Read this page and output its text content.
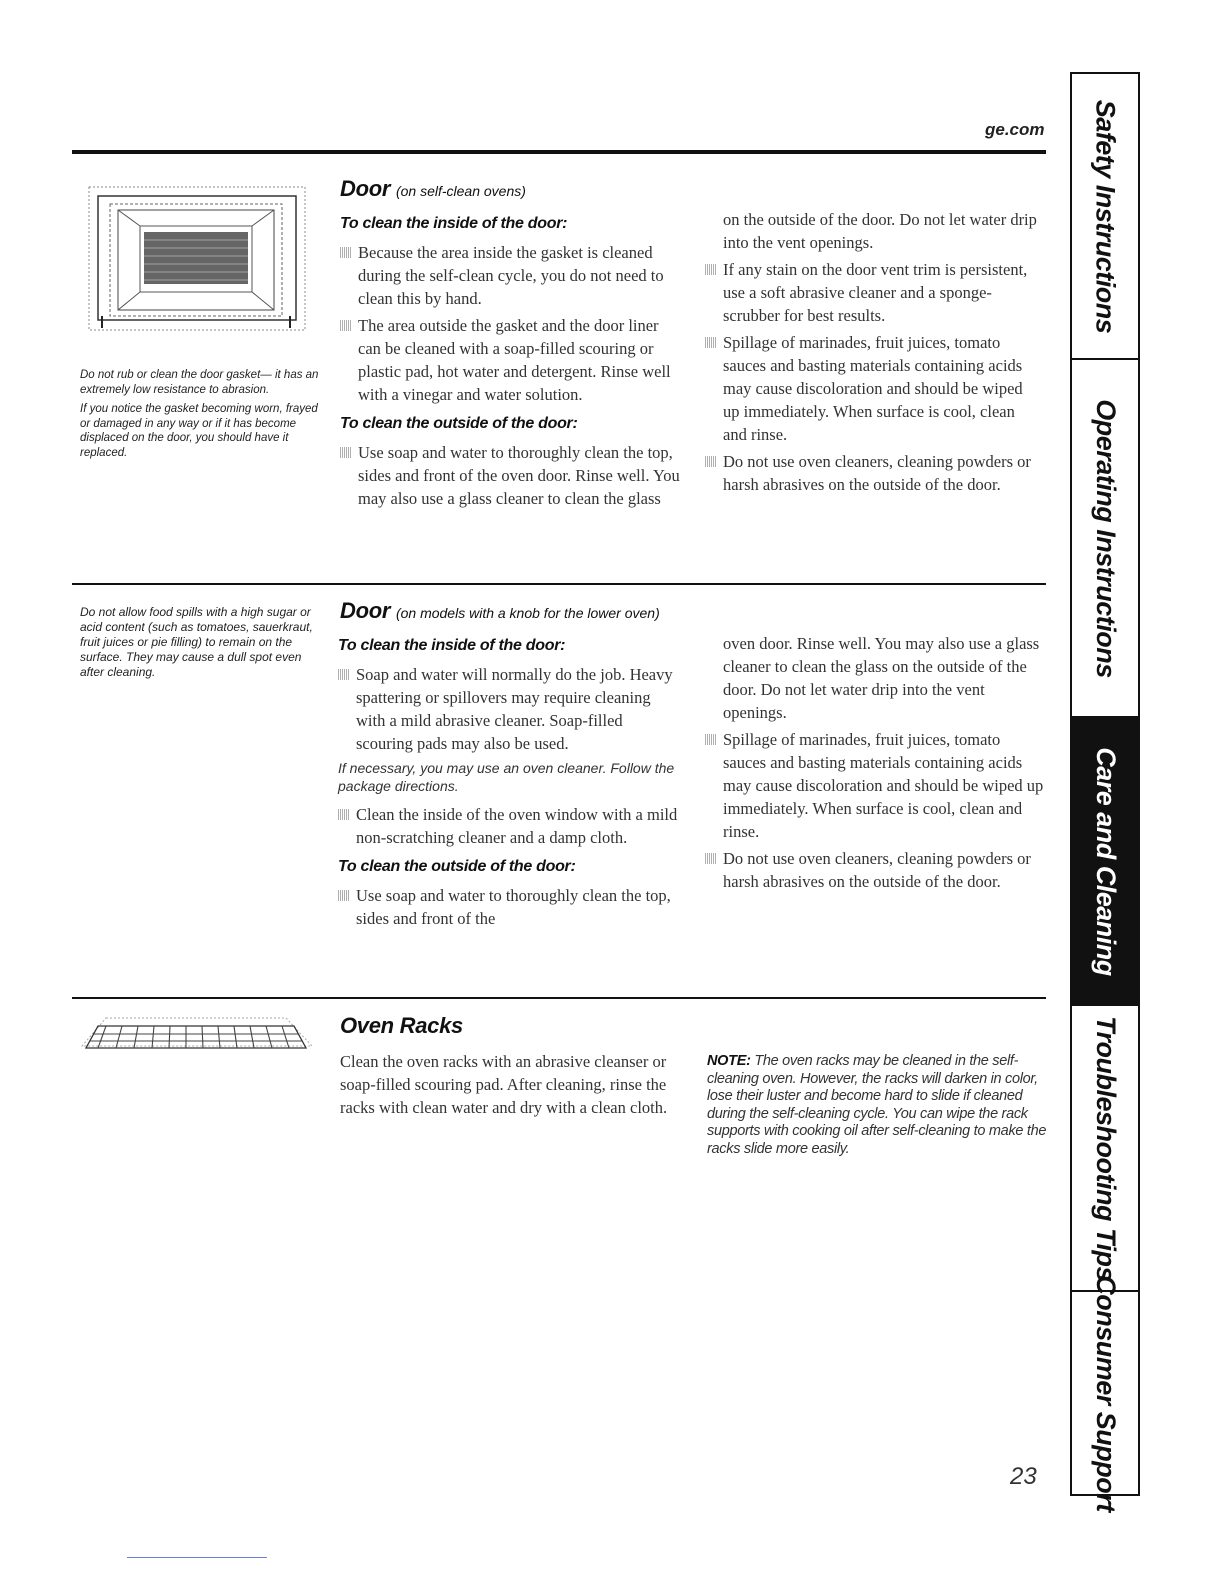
ge.com

Do not rub or clean the door gasket— it has an extremely low resistance to abrasion.

If you notice the gasket becoming worn, frayed or damaged in any way or if it has become displaced on the door, you should have it replaced.

Door (on self-clean ovens)
To clean the inside of the door:
Because the area inside the gasket is cleaned during the self-clean cycle, you do not need to clean this by hand.
The area outside the gasket and the door liner can be cleaned with a soap-filled scouring or plastic pad, hot water and detergent. Rinse well with a vinegar and water solution.
To clean the outside of the door:
Use soap and water to thoroughly clean the top, sides and front of the oven door. Rinse well. You may also use a glass cleaner to clean the glass

on the outside of the door. Do not let water drip into the vent openings.

If any stain on the door vent trim is persistent, use a soft abrasive cleaner and a sponge-scrubber for best results.
Spillage of marinades, fruit juices, tomato sauces and basting materials containing acids may cause discoloration and should be wiped up immediately. When surface is cool, clean and rinse.
Do not use oven cleaners, cleaning powders or harsh abrasives on the outside of the door.

Do not allow food spills with a high sugar or acid content (such as tomatoes, sauerkraut, fruit juices or pie filling) to remain on the surface. They may cause a dull spot even after cleaning.

Door (on models with a knob for the lower oven)
To clean the inside of the door:
Soap and water will normally do the job. Heavy spattering or spillovers may require cleaning with a mild abrasive cleaner. Soap-filled scouring pads may also be used.
If necessary, you may use an oven cleaner. Follow the package directions.
Clean the inside of the oven window with a mild non-scratching cleaner and a damp cloth.
To clean the outside of the door:
Use soap and water to thoroughly clean the top, sides and front of the

oven door. Rinse well. You may also use a glass cleaner to clean the glass on the outside of the door. Do not let water drip into the vent openings.

Spillage of marinades, fruit juices, tomato sauces and basting materials containing acids may cause discoloration and should be wiped up immediately. When surface is cool, clean and rinse.
Do not use oven cleaners, cleaning powders or harsh abrasives on the outside of the door.
Oven Racks

Clean the oven racks with an abrasive cleanser or soap-filled scouring pad. After cleaning, rinse the racks with clean water and dry with a clean cloth.

NOTE: The oven racks may be cleaned in the self-cleaning oven. However, the racks will darken in color, lose their luster and become hard to slide if cleaned during the self-cleaning cycle. You can wipe the rack supports with cooking oil after self-cleaning to make the racks slide more easily.
23
Safety Instructions
Operating Instructions
Care and Cleaning
Troubleshooting Tips
Consumer Support
